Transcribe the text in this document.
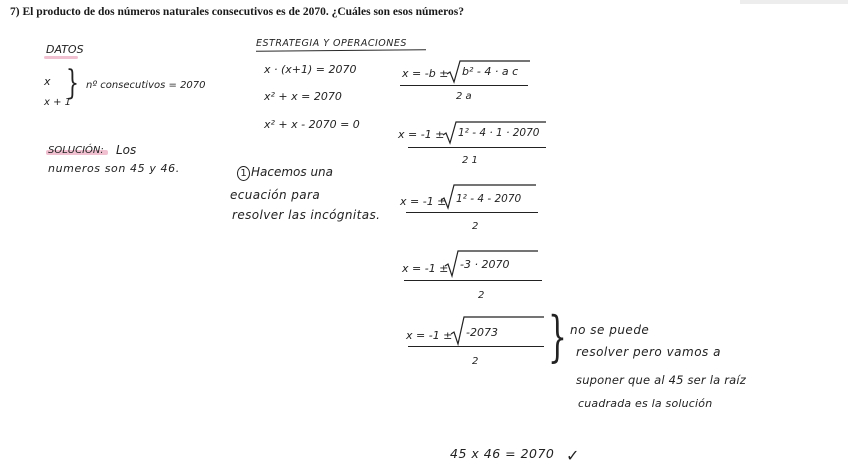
7) El producto de dos números naturales consecutivos es de 2070. ¿Cuáles son esos números?
DATOS
x
x + 1
} nº consecutivos = 2070
SOLUCIÓN: Los
numeros son 45 y 46.
ESTRATEGIA Y OPERACIONES
x · (x+1) = 2070
x² + x = 2070
x² + x - 2070 = 0
1 Hacemos una
ecuación para
resolver las incógnitas.
x = -b ± b² - 4 · a c
2 a
x = -1 ± 1² - 4 · 1 · 2070
2 1
x = -1 ± 1² - 4 - 2070
2
x = -1 ± -3 · 2070
2
x = -1 ± -2073
2 } no se puede
resolver pero vamos a
suponer que al 45 ser la raíz
cuadrada es la solución
45 x 46 = 2070 ✓
